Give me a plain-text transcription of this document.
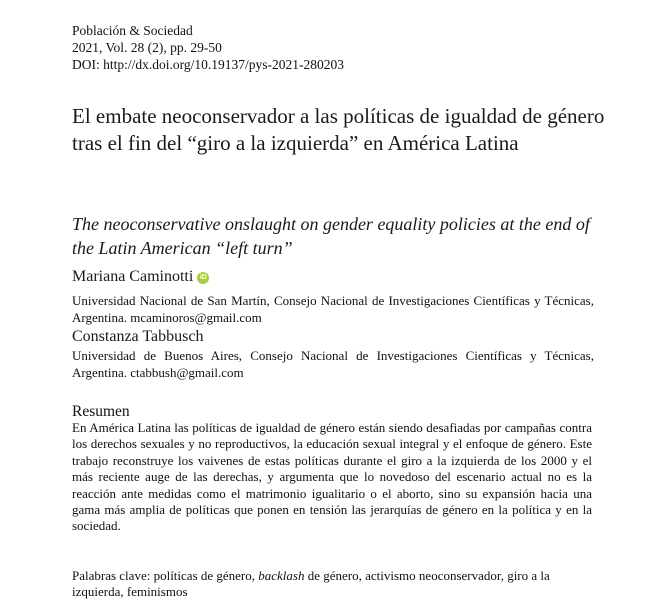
Población & Sociedad
2021, Vol. 28 (2), pp. 29-50
DOI: http://dx.doi.org/10.19137/pys-2021-280203
El embate neoconservador a las políticas de igualdad de género tras el fin del “giro a la izquierda” en América Latina
The neoconservative onslaught on gender equality policies at the end of the Latin American “left turn”
Mariana Caminotti iD
Universidad Nacional de San Martín, Consejo Nacional de Investigaciones Científicas y Técnicas, Argentina. mcaminoros@gmail.com
Constanza Tabbusch
Universidad de Buenos Aires, Consejo Nacional de Investigaciones Científicas y Técnicas, Argentina. ctabbush@gmail.com
Resumen
En América Latina las políticas de igualdad de género están siendo desafiadas por campañas contra los derechos sexuales y no reproductivos, la educación sexual integral y el enfoque de género. Este trabajo reconstruye los vaivenes de estas políticas durante el giro a la izquierda de los 2000 y el más reciente auge de las derechas, y argumenta que lo novedoso del escenario actual no es la reacción ante medidas como el matrimonio igualitario o el aborto, sino su expansión hacia una gama más amplia de políticas que ponen en tensión las jerarquías de género en la política y en la sociedad.
Palabras clave: políticas de género, backlash de género, activismo neoconservador, giro a la izquierda, feminismos
